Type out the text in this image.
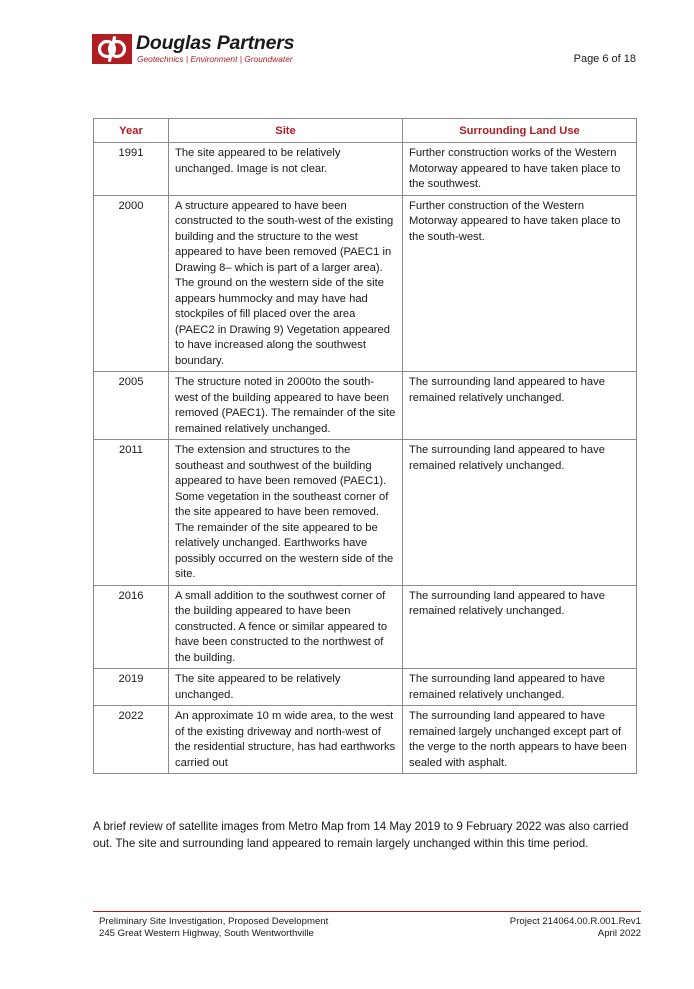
Douglas Partners
Geotechnics | Environment | Groundwater	Page 6 of 18
Year	Site	Surrounding Land Use
1991	The site appeared to be relatively unchanged. Image is not clear.	Further construction works of the Western Motorway appeared to have taken place to the southwest.
2000	A structure appeared to have been constructed to the south-west of the existing building and the structure to the west appeared to have been removed (PAEC1 in Drawing 8– which is part of a larger area). The ground on the western side of the site appears hummocky and may have had stockpiles of fill placed over the area (PAEC2 in Drawing 9) Vegetation appeared to have increased along the southwest boundary.	Further construction of the Western Motorway appeared to have taken place to the south-west.
2005	The structure noted in 2000to the south-west of the building appeared to have been removed (PAEC1). The remainder of the site remained relatively unchanged.	The surrounding land appeared to have remained relatively unchanged.
2011	The extension and structures to the southeast and southwest of the building appeared to have been removed (PAEC1). Some vegetation in the southeast corner of the site appeared to have been removed. The remainder of the site appeared to be relatively unchanged. Earthworks have possibly occurred on the western side of the site.	The surrounding land appeared to have remained relatively unchanged.
2016	A small addition to the southwest corner of the building appeared to have been constructed. A fence or similar appeared to have been constructed to the northwest of the building.	The surrounding land appeared to have remained relatively unchanged.
2019	The site appeared to be relatively unchanged.	The surrounding land appeared to have remained relatively unchanged.
2022	An approximate 10 m wide area, to the west of the existing driveway and north-west of the residential structure, has had earthworks carried out	The surrounding land appeared to have remained largely unchanged except part of the verge to the north appears to have been sealed with asphalt.

A brief review of satellite images from Metro Map from 14 May 2019 to 9 February 2022 was also carried out. The site and surrounding land appeared to remain largely unchanged within this time period.

Preliminary Site Investigation, Proposed Development
245 Great Western Highway, South Wentworthville
Project 214064.00.R.001.Rev1
April 2022
